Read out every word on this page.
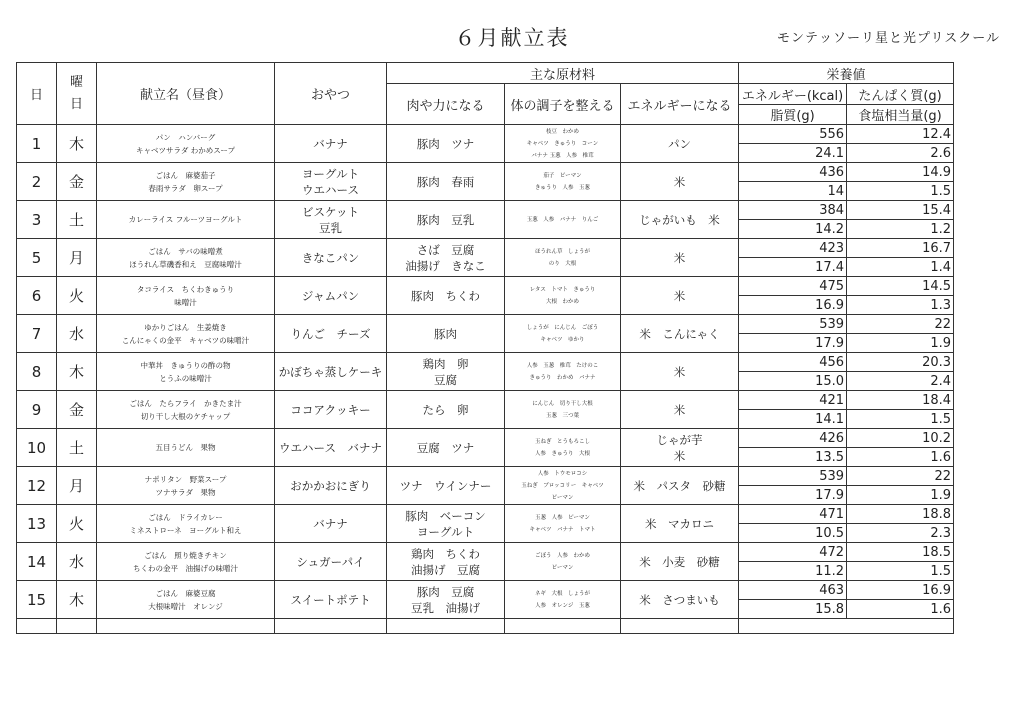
６月献立表	モンテッソーリ星と光プリスクール
日	曜日	献立名（昼食）	おやつ	主な原材料			栄養値	
				肉や力になる	体の調子を整える	エネルギーになる	エネルギー(kcal)	たんぱく質(g)
							脂質(g)	食塩相当量(g)
1	木	パン　ハンバーグ
キャベツサラダ わかめスープ	バナナ	豚肉　ツナ	枝豆　わかめ
キャベツ　きゅうり　コーン
バナナ 玉葱　人参　椎茸	パン	556	12.4
							24.1	2.6
2	金	ごはん　麻婆茄子
春雨サラダ　卵スープ	ヨーグルト
ウエハース	豚肉　春雨	茄子　ピーマン
きゅうり　人参　玉葱	米	436	14.9
							14	1.5
3	土	カレーライス フルーツヨーグルト	ビスケット
豆乳	豚肉　豆乳	玉葱　人参　バナナ　りんご	じゃがいも　米	384	15.4
							14.2	1.2
5	月	ごはん　サバの味噌煮
ほうれん草磯香和え　豆腐味噌汁	きなこパン	さば　豆腐
油揚げ　きなこ	ほうれん草　しょうが
のり　大根	米	423	16.7
							17.4	1.4
6	火	タコライス　ちくわきゅうり
味噌汁	ジャムパン	豚肉　ちくわ	レタス　トマト　きゅうり
大根　わかめ	米	475	14.5
							16.9	1.3
7	水	ゆかりごはん　生姜焼き
こんにゃくの金平　キャベツの味噌汁	りんご　チーズ	豚肉	しょうが　にんじん　ごぼう
キャベツ　ゆかり	米　こんにゃく	539	22
							17.9	1.9
8	木	中華丼　きゅうりの酢の物
とうふの味噌汁	かぼちゃ蒸しケーキ	鶏肉　卵
豆腐	人参　玉葱　椎茸　たけのこ
きゅうり　わかめ　バナナ	米	456	20.3
							15.0	2.4
9	金	ごはん　たらフライ　かきたま汁
切り干し大根のケチャップ	ココアクッキー	たら　卵	にんじん　切り干し大根
玉葱　三つ葉	米	421	18.4
							14.1	1.5
10	土	五目うどん　果物	ウエハース　バナナ	豆腐　ツナ	玉ねぎ　とうもろこし
人参　きゅうり　大根	じゃが芋
米	426	10.2
							13.5	1.6
12	月	ナポリタン　野菜スープ
ツナサラダ　果物	おかかおにぎり	ツナ　ウインナー	人参　トウモロコシ
玉ねぎ　ブロッコリー　キャベツ
ピーマン	米　パスタ　砂糖	539	22
							17.9	1.9
13	火	ごはん　ドライカレー
ミネストローネ　ヨーグルト和え	バナナ	豚肉　ベーコン
ヨーグルト	玉葱　人参　ピーマン
キャベツ　バナナ　トマト	米　マカロニ	471	18.8
							10.5	2.3
14	水	ごはん　照り焼きチキン
ちくわの金平　油揚げの味噌汁	シュガーパイ	鶏肉　ちくわ
油揚げ　豆腐	ごぼう　人参　わかめ
ピーマン	米　小麦　砂糖	472	18.5
							11.2	1.5
15	木	ごはん　麻婆豆腐
大根味噌汁　オレンジ	スイートポテト	豚肉　豆腐
豆乳　油揚げ	ネギ　大根　しょうが
人参　オレンジ　玉葱	米　さつまいも	463	16.9
							15.8	1.6
